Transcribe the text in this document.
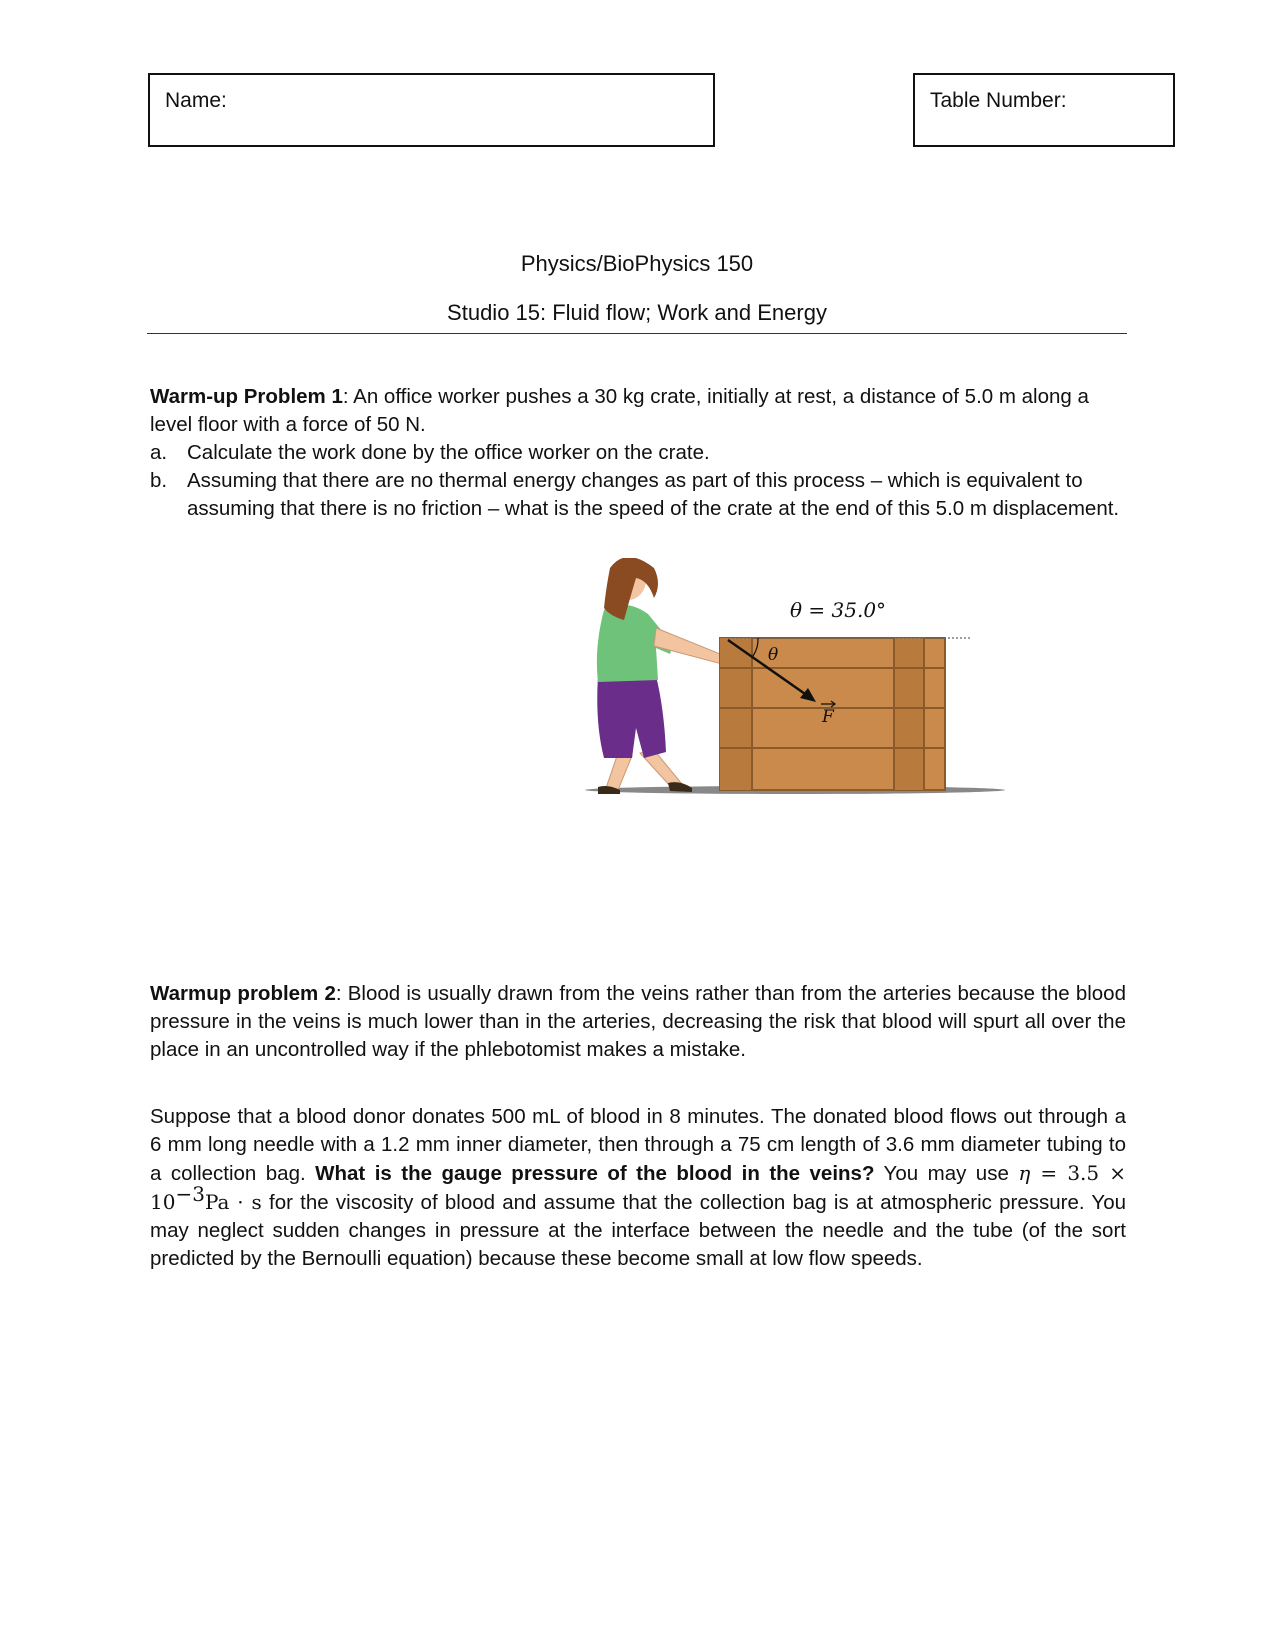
Name:	Table Number:
Physics/BioPhysics 150
Studio 15: Fluid flow; Work and Energy
Warm-up Problem 1: An office worker pushes a 30 kg crate, initially at rest, a distance of 5.0 m along a level floor with a force of 50 N.
a. Calculate the work done by the office worker on the crate.
b. Assuming that there are no thermal energy changes as part of this process – which is equivalent to assuming that there is no friction – what is the speed of the crate at the end of this 5.0 m displacement.
θ = 35.0°
θ
F
Warmup problem 2: Blood is usually drawn from the veins rather than from the arteries because the blood pressure in the veins is much lower than in the arteries, decreasing the risk that blood will spurt all over the place in an uncontrolled way if the phlebotomist makes a mistake.
Suppose that a blood donor donates 500 mL of blood in 8 minutes. The donated blood flows out through a 6 mm long needle with a 1.2 mm inner diameter, then through a 75 cm length of 3.6 mm diameter tubing to a collection bag. What is the gauge pressure of the blood in the veins? You may use $\eta = 3.5 \times 10^{-3}Pa \cdot s$ for the viscosity of blood and assume that the collection bag is at atmospheric pressure. You may neglect sudden changes in pressure at the interface between the needle and the tube (of the sort predicted by the Bernoulli equation) because these become small at low flow speeds.
